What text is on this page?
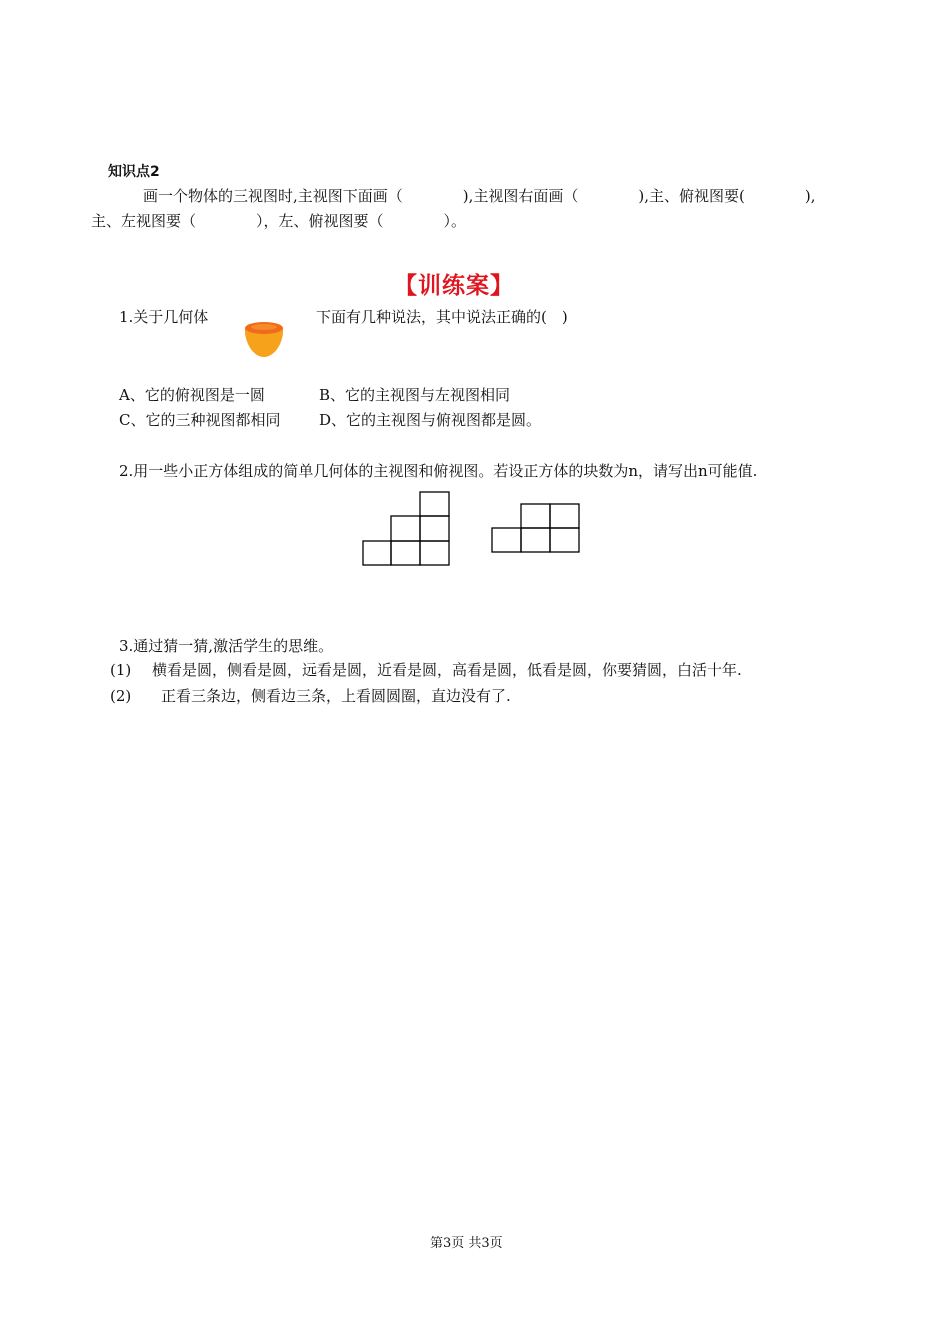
知识点2
画一个物体的三视图时,主视图下面画（　　　　),主视图右面画（　　　　),主、俯视图要(　　　　),
主、左视图要（　　　　），左、俯视图要（　　　　）。
【训练案】
1.关于几何体	下面有几种说法，其中说法正确的(　)
A、它的俯视图是一圆	B、它的主视图与左视图相同
C、它的三种视图都相同	D、它的主视图与俯视图都是圆。
2.用一些小正方体组成的简单几何体的主视图和俯视图。若设正方体的块数为n，请写出n可能值.
3.通过猜一猜,激活学生的思维。
(1) 横看是圆，侧看是圆，远看是圆，近看是圆，高看是圆，低看是圆，你要猜圆，白活十年.
(2) 正看三条边，侧看边三条，上看圆圆圈，直边没有了.
第3页 共3页
